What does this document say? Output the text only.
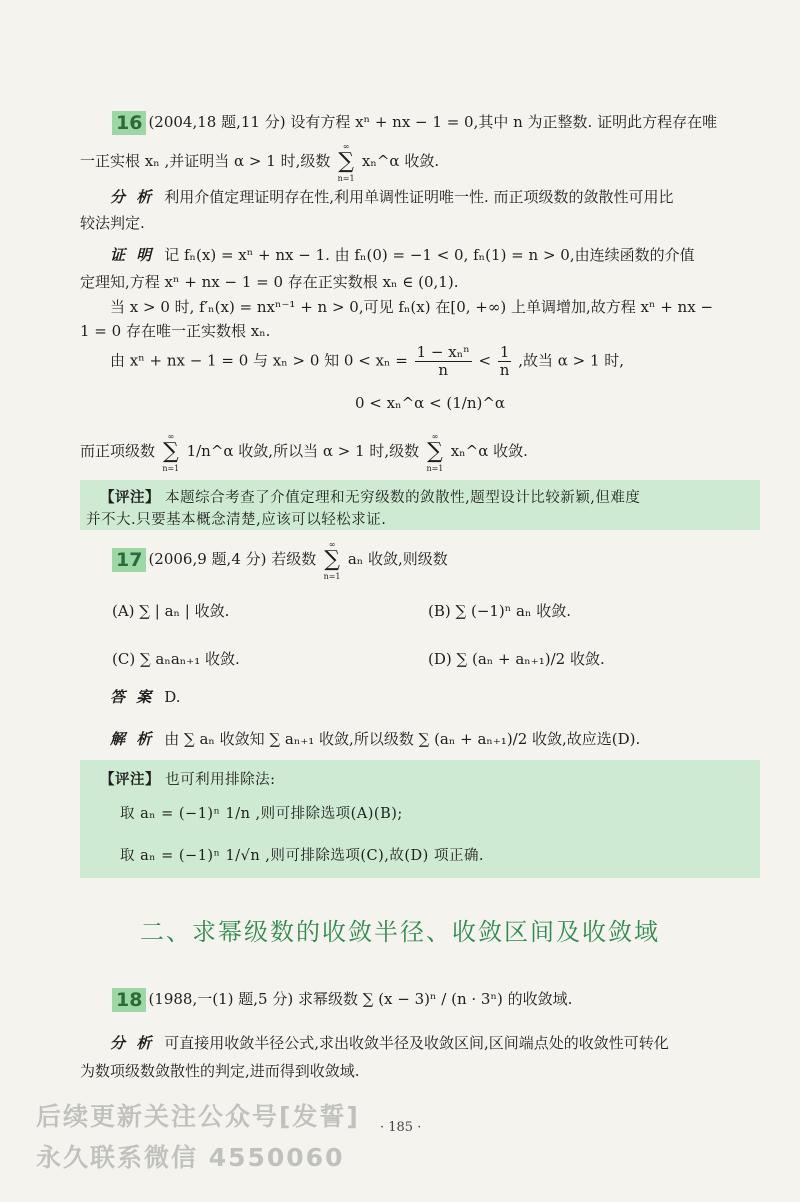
16 (2004,18 题,11 分) 设有方程 xⁿ + nx − 1 = 0,其中 n 为正整数. 证明此方程存在唯
一正实根 xₙ ,并证明当 α > 1 时,级数
∞
∑
n=1
xₙ^α 收敛.
分 析 利用介值定理证明存在性,利用单调性证明唯一性. 而正项级数的敛散性可用比
较法判定.
证 明 记 fₙ(x) = xⁿ + nx − 1. 由 fₙ(0) = −1 < 0, fₙ(1) = n > 0,由连续函数的介值
定理知,方程 xⁿ + nx − 1 = 0 存在正实数根 xₙ ∈ (0,1).
当 x > 0 时, f′ₙ(x) = nxⁿ⁻¹ + n > 0,可见 fₙ(x) 在[0, +∞) 上单调增加,故方程 xⁿ + nx −
1 = 0 存在唯一正实数根 xₙ.
由 xⁿ + nx − 1 = 0 与 xₙ > 0 知 $0 < x_n = \frac{\text{1 − xₙⁿ}}{n} < \frac{1}{n}$ ,故当 α > 1 时,
0 < xₙ^α < (1/n)^α
而正项级数
∞
∑
n=1
1/n^α 收敛,所以当 α > 1 时,级数
∞
∑
n=1
xₙ^α 收敛.
【评注】 本题综合考查了介值定理和无穷级数的敛散性,题型设计比较新颖,但难度
并不大.只要基本概念清楚,应该可以轻松求证.
17 (2006,9 题,4 分) 若级数
∞
∑
n=1
aₙ 收敛,则级数
(A) ∑ | aₙ | 收敛.	(B) ∑ (−1)ⁿ aₙ 收敛.
(C) ∑ aₙaₙ₊₁ 收敛.	(D) ∑ (aₙ + aₙ₊₁)/2 收敛.
答 案 D.
解 析 由 ∑ aₙ 收敛知 ∑ aₙ₊₁ 收敛,所以级数 ∑ (aₙ + aₙ₊₁)/2 收敛,故应选(D).
【评注】 也可利用排除法:
取 aₙ = (−1)ⁿ 1/n ,则可排除选项(A)(B);
取 aₙ = (−1)ⁿ 1/√n ,则可排除选项(C),故(D) 项正确.
二、求幂级数的收敛半径、收敛区间及收敛域
18 (1988,一(1) 题,5 分) 求幂级数 ∑ (x − 3)ⁿ / (n · 3ⁿ) 的收敛域.
分 析 可直接用收敛半径公式,求出收敛半径及收敛区间,区间端点处的收敛性可转化
为数项级数敛散性的判定,进而得到收敛域.
· 185 ·
后续更新关注公众号[发誓]
永久联系微信 4550060
